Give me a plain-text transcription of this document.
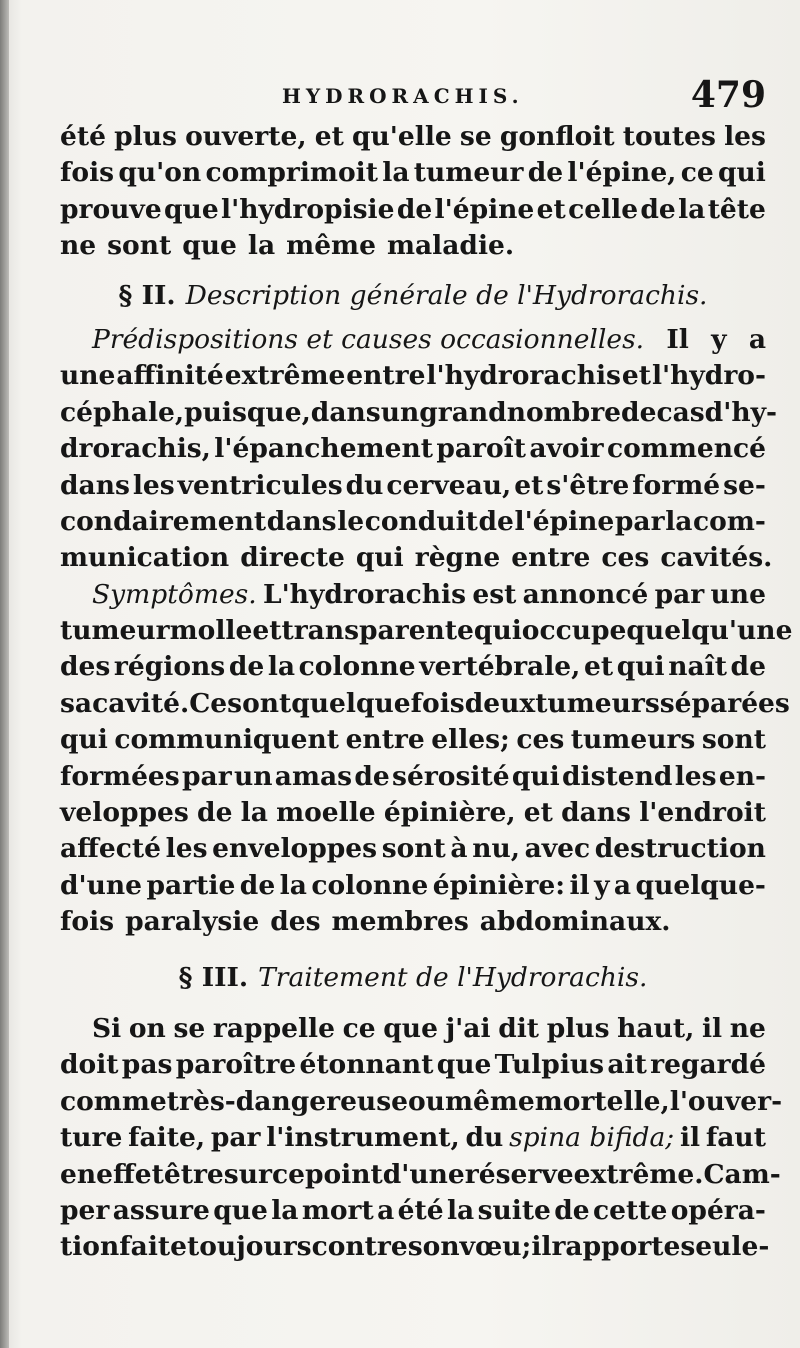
HYDRORACHIS.	479
été plus ouverte, et qu'elle se gonfloit toutes les
fois qu'on comprimoit la tumeur de l'épine, ce qui
prouve que l'hydropisie de l'épine et celle de la tête
ne sont que la même maladie.
§ II. Description générale de l'Hydrorachis.
Prédispositions et causes occasionnelles. Il y a
une affinité extrême entre l'hydrorachis et l'hydro-
céphale, puisque, dans un grand nombre de cas d'hy-
drorachis, l'épanchement paroît avoir commencé
dans les ventricules du cerveau, et s'être formé se-
condairement dans le conduit de l'épine par la com-
munication directe qui règne entre ces cavités.
Symptômes. L'hydrorachis est annoncé par une
tumeur molle et transparente qui occupe quelqu'une
des régions de la colonne vertébrale, et qui naît de
sa cavité. Ce sont quelquefois deux tumeurs séparées
qui communiquent entre elles; ces tumeurs sont
formées par un amas de sérosité qui distend les en-
veloppes de la moelle épinière, et dans l'endroit
affecté les enveloppes sont à nu, avec destruction
d'une partie de la colonne épinière: il y a quelque-
fois paralysie des membres abdominaux.
§ III. Traitement de l'Hydrorachis.
Si on se rappelle ce que j'ai dit plus haut, il ne
doit pas paroître étonnant que Tulpius ait regardé
comme très-dangereuse ou même mortelle, l'ouver-
ture faite, par l'instrument, du spina bifida; il faut
en effet être sur ce point d'une réserve extrême. Cam-
per assure que la mort a été la suite de cette opéra-
tion faite toujours contre son vœu; il rapporte seule-
